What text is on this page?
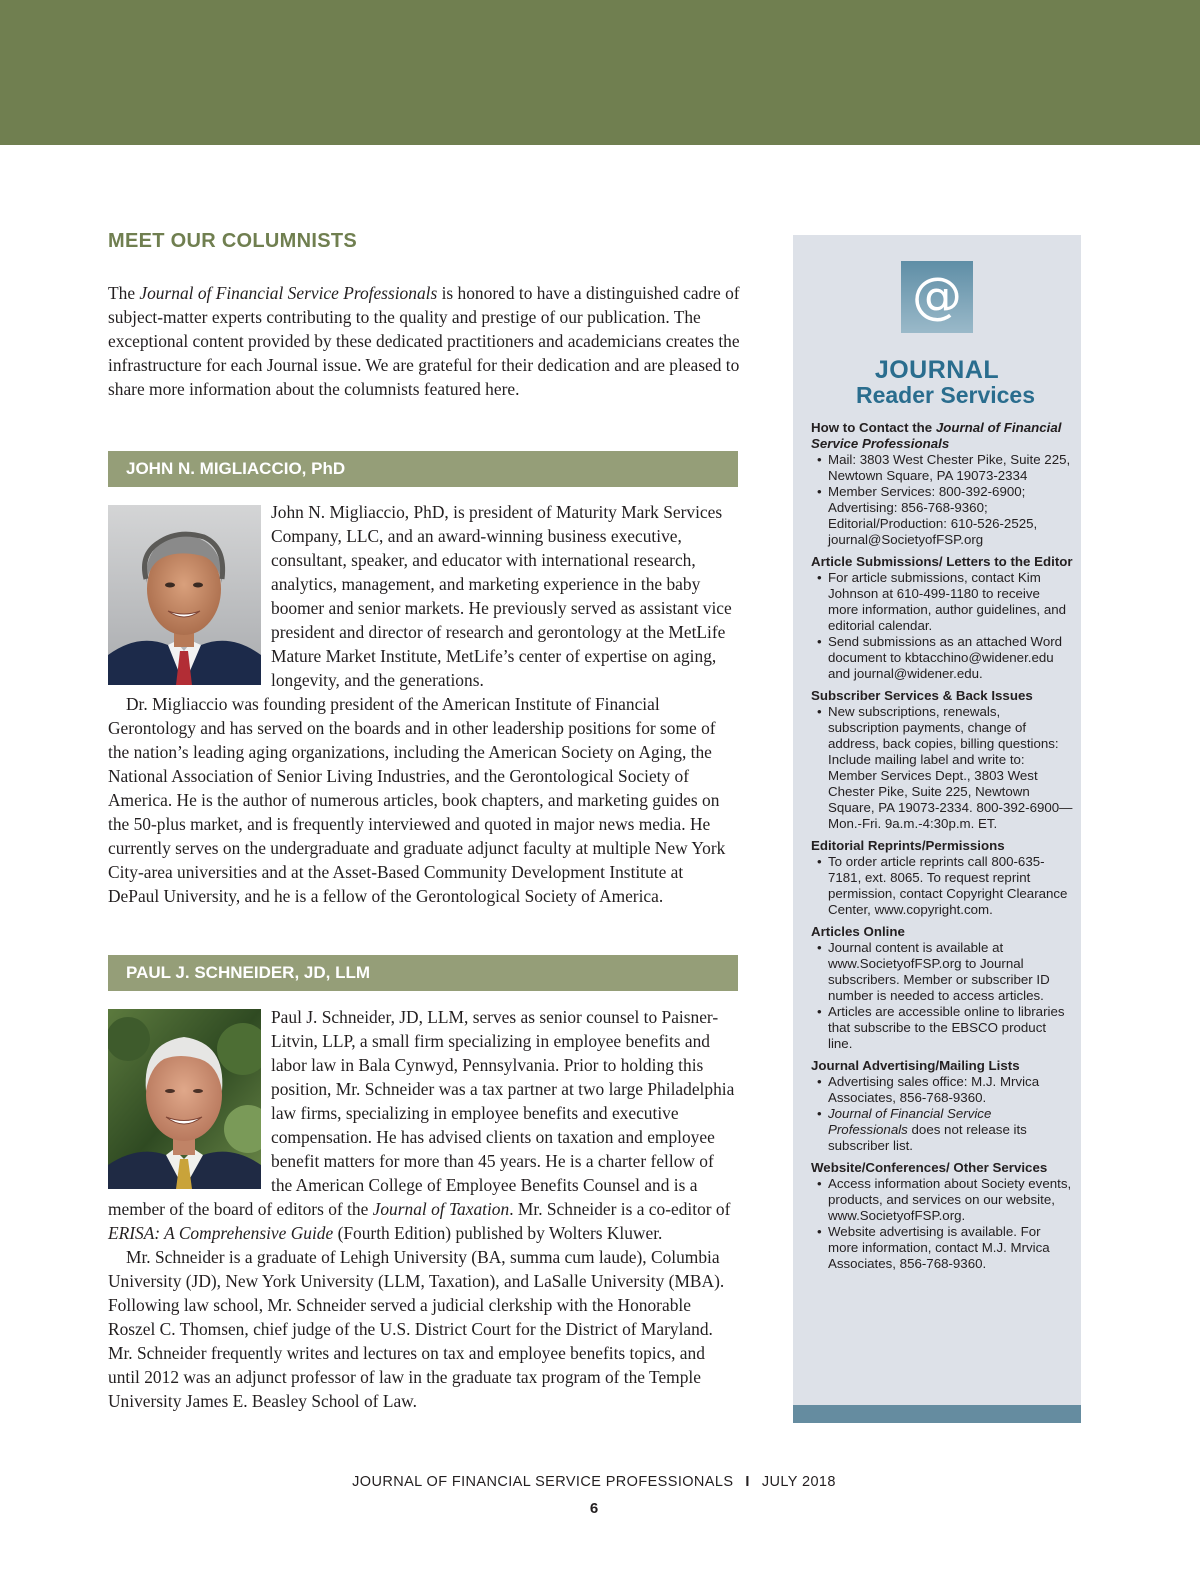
MEET OUR COLUMNISTS

The Journal of Financial Service Professionals is honored to have a distinguished cadre of subject-matter experts contributing to the quality and prestige of our publication. The exceptional content provided by these dedicated practitioners and academicians creates the infrastructure for each Journal issue. We are grateful for their dedication and are pleased to share more information about the columnists featured here.

JOHN N. MIGLIACCIO, PhD

John N. Migliaccio, PhD, is president of Maturity Mark Services Company, LLC, and an award-winning business executive, consultant, speaker, and educator with international research, analytics, management, and marketing experience in the baby boomer and senior markets. He previously served as assistant vice president and director of research and gerontology at the MetLife Mature Market Institute, MetLife’s center of expertise on aging, longevity, and the generations.

Dr. Migliaccio was founding president of the American Institute of Financial Gerontology and has served on the boards and in other leadership positions for some of the nation’s leading aging organizations, including the American Society on Aging, the National Association of Senior Living Industries, and the Gerontological Society of America. He is the author of numerous articles, book chapters, and marketing guides on the 50-plus market, and is frequently interviewed and quoted in major news media. He currently serves on the undergraduate and graduate adjunct faculty at multiple New York City-area universities and at the Asset-Based Community Development Institute at DePaul University, and he is a fellow of the Gerontological Society of America.

PAUL J. SCHNEIDER, JD, LLM

Paul J. Schneider, JD, LLM, serves as senior counsel to Paisner-Litvin, LLP, a small firm specializing in employee benefits and labor law in Bala Cynwyd, Pennsylvania. Prior to holding this position, Mr. Schneider was a tax partner at two large Philadelphia law firms, specializing in employee benefits and executive compensation. He has advised clients on taxation and employee benefit matters for more than 45 years. He is a charter fellow of the American College of Employee Benefits Counsel and is a member of the board of editors of the Journal of Taxation. Mr. Schneider is a co-editor of ERISA: A Comprehensive Guide (Fourth Edition) published by Wolters Kluwer.

Mr. Schneider is a graduate of Lehigh University (BA, summa cum laude), Columbia University (JD), New York University (LLM, Taxation), and LaSalle University (MBA). Following law school, Mr. Schneider served a judicial clerkship with the Honorable Roszel C. Thomsen, chief judge of the U.S. District Court for the District of Maryland. Mr. Schneider frequently writes and lectures on tax and employee benefits topics, and until 2012 was an adjunct professor of law in the graduate tax program of the Temple University James E. Beasley School of Law.

@
JOURNAL
Reader Services

How to Contact the Journal of Financial Service Professionals

• Mail: 3803 West Chester Pike, Suite 225, Newtown Square, PA 19073-2334
• Member Services: 800-392-6900; Advertising: 856-768-9360; Editorial/Production: 610-526-2525, journal@SocietyofFSP.org

Article Submissions/ Letters to the Editor

• For article submissions, contact Kim Johnson at 610-499-1180 to receive more information, author guidelines, and editorial calendar.
• Send submissions as an attached Word document to kbtacchino@widener.edu and journal@widener.edu.

Subscriber Services & Back Issues

• New subscriptions, renewals, subscription payments, change of address, back copies, billing questions: Include mailing label and write to: Member Services Dept., 3803 West Chester Pike, Suite 225, Newtown Square, PA 19073-2334. 800-392-6900— Mon.-Fri. 9a.m.-4:30p.m. ET.

Editorial Reprints/Permissions

• To order article reprints call 800-635-7181, ext. 8065. To request reprint permission, contact Copyright Clearance Center, www.copyright.com.

Articles Online

• Journal content is available at www.SocietyofFSP.org to Journal subscribers. Member or subscriber ID number is needed to access articles.
• Articles are accessible online to libraries that subscribe to the EBSCO product line.

Journal Advertising/Mailing Lists

• Advertising sales office: M.J. Mrvica Associates, 856-768-9360.
• Journal of Financial Service Professionals does not release its subscriber list.

Website/Conferences/ Other Services

• Access information about Society events, products, and services on our website, www.SocietyofFSP.org.
• Website advertising is available. For more information, contact M.J. Mrvica Associates, 856-768-9360.
JOURNAL OF FINANCIAL SERVICE PROFESSIONALS I JULY 2018
6
